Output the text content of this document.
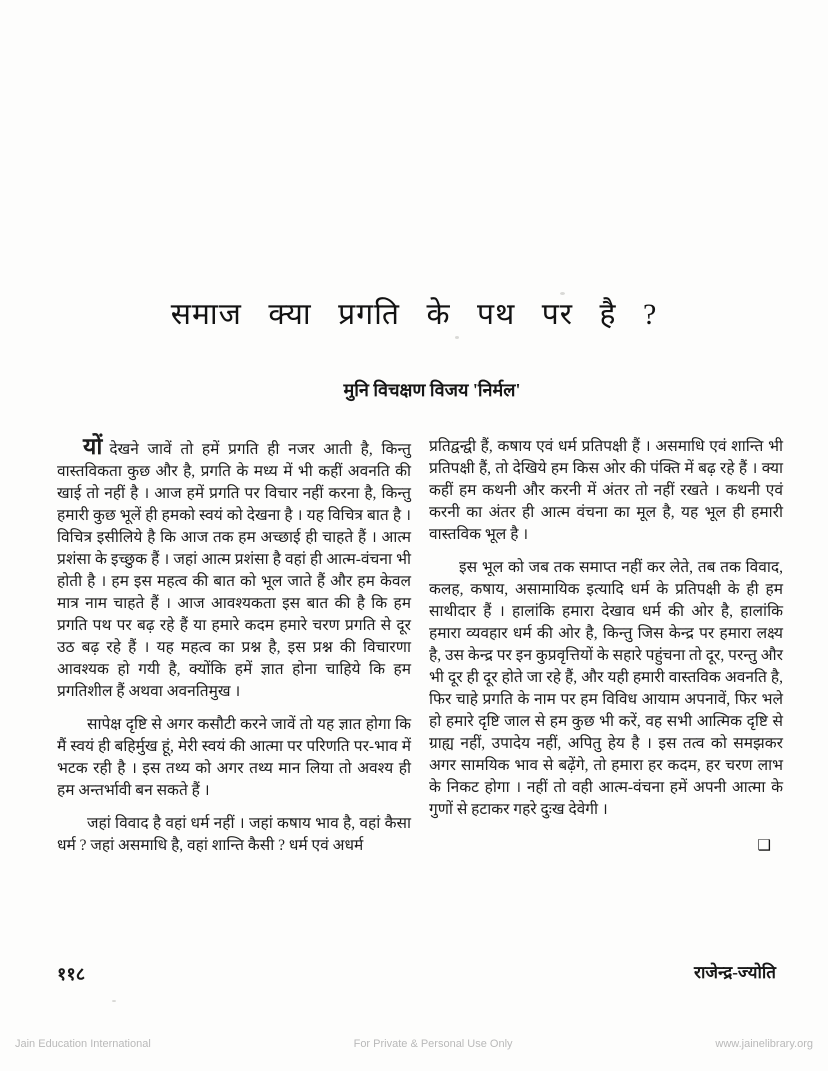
समाज क्या प्रगति के पथ पर है ?
मुनि विचक्षण विजय 'निर्मल'

यों देखने जावें तो हमें प्रगति ही नजर आती है, किन्तु वास्तविकता कुछ और है, प्रगति के मध्य में भी कहीं अवनति की खाई तो नहीं है । आज हमें प्रगति पर विचार नहीं करना है, किन्तु हमारी कुछ भूलें ही हमको स्वयं को देखना है । यह विचित्र बात है । विचित्र इसीलिये है कि आज तक हम अच्छाई ही चाहते हैं । आत्म प्रशंसा के इच्छुक हैं । जहां आत्म प्रशंसा है वहां ही आत्म-वंचना भी होती है । हम इस महत्व की बात को भूल जाते हैं और हम केवल मात्र नाम चाहते हैं । आज आवश्यकता इस बात की है कि हम प्रगति पथ पर बढ़ रहे हैं या हमारे कदम हमारे चरण प्रगति से दूर उठ बढ़ रहे हैं । यह महत्व का प्रश्न है, इस प्रश्न की विचारणा आवश्यक हो गयी है, क्योंकि हमें ज्ञात होना चाहिये कि हम प्रगतिशील हैं अथवा अवनतिमुख ।

सापेक्ष दृष्टि से अगर कसौटी करने जावें तो यह ज्ञात होगा कि मैं स्वयं ही बहिर्मुख हूं, मेरी स्वयं की आत्मा पर परिणति पर-भाव में भटक रही है । इस तथ्य को अगर तथ्य मान लिया तो अवश्य ही हम अन्तर्भावी बन सकते हैं ।

जहां विवाद है वहां धर्म नहीं । जहां कषाय भाव है, वहां कैसा धर्म ? जहां असमाधि है, वहां शान्ति कैसी ? धर्म एवं अधर्म

प्रतिद्वन्द्वी हैं, कषाय एवं धर्म प्रतिपक्षी हैं । असमाधि एवं शान्ति भी प्रतिपक्षी हैं, तो देखिये हम किस ओर की पंक्ति में बढ़ रहे हैं । क्या कहीं हम कथनी और करनी में अंतर तो नहीं रखते । कथनी एवं करनी का अंतर ही आत्म वंचना का मूल है, यह भूल ही हमारी वास्तविक भूल है ।

इस भूल को जब तक समाप्त नहीं कर लेते, तब तक विवाद, कलह, कषाय, असामायिक इत्यादि धर्म के प्रतिपक्षी के ही हम साथीदार हैं । हालांकि हमारा देखाव धर्म की ओर है, हालांकि हमारा व्यवहार धर्म की ओर है, किन्तु जिस केन्द्र पर हमारा लक्ष्य है, उस केन्द्र पर इन कुप्रवृत्तियों के सहारे पहुंचना तो दूर, परन्तु और भी दूर ही दूर होते जा रहे हैं, और यही हमारी वास्तविक अवनति है, फिर चाहे प्रगति के नाम पर हम विविध आयाम अपनावें, फिर भले हो हमारे दृष्टि जाल से हम कुछ भी करें, वह सभी आत्मिक दृष्टि से ग्राह्य नहीं, उपादेय नहीं, अपितु हेय है । इस तत्व को समझकर अगर सामयिक भाव से बढ़ेंगे, तो हमारा हर कदम, हर चरण लाभ के निकट होगा । नहीं तो वही आत्म-वंचना हमें अपनी आत्मा के गुणों से हटाकर गहरे दुःख देवेगी ।

❑
११८	राजेन्द्र-ज्योति
Jain Education International	For Private & Personal Use Only	www.jainelibrary.org
